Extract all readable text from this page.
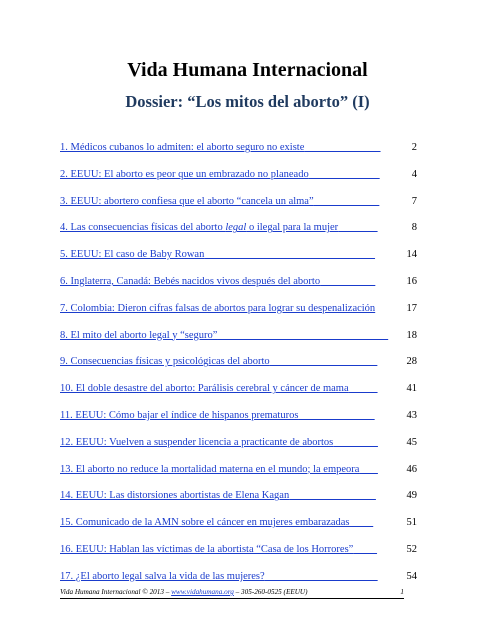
Vida Humana Internacional
Dossier: “Los mitos del aborto” (I)
1. Médicos cubanos lo admiten: el aborto seguro no existe ______________	2
2. EEUU: El aborto es peor que un embrazado no planeado _____________	4
3. EEUU: abortero confiesa que el aborto “cancela un alma” ____________	7
4. Las consecuencias físicas del aborto legal o ilegal para la mujer _______	8
5. EEUU: El caso de Baby Rowan ________________________________	14
6. Inglaterra, Canadá: Bebés nacidos vivos después del aborto __________	16
7. Colombia: Dieron cifras falsas de abortos para lograr su despenalización	17
8. El mito del aborto legal y “seguro” ________________________________ 18
9. Consecuencias físicas y psicológicas del aborto ____________________	28
10. El doble desastre del aborto: Parálisis cerebral y cáncer de mama _____	41
11. EEUU: Cómo bajar el índice de hispanos prematuros ______________	43
12. EEUU: Vuelven a suspender licencia a practicante de abortos ________	45
13. El aborto no reduce la mortalidad materna en el mundo; la empeora ___	46
14. EEUU: Las distorsiones abortistas de Elena Kagan ________________	49
15. Comunicado de la AMN sobre el cáncer en mujeres embarazadas ____	51
16. EEUU: Hablan las víctimas de la abortista “Casa de los Horrores” ____	52
17. ¿El aborto legal salva la vida de las mujeres? _____________________	54
Vida Humana Internacional © 2013 – www.vidahumana.org – 305-260-0525 (EEUU)	1
